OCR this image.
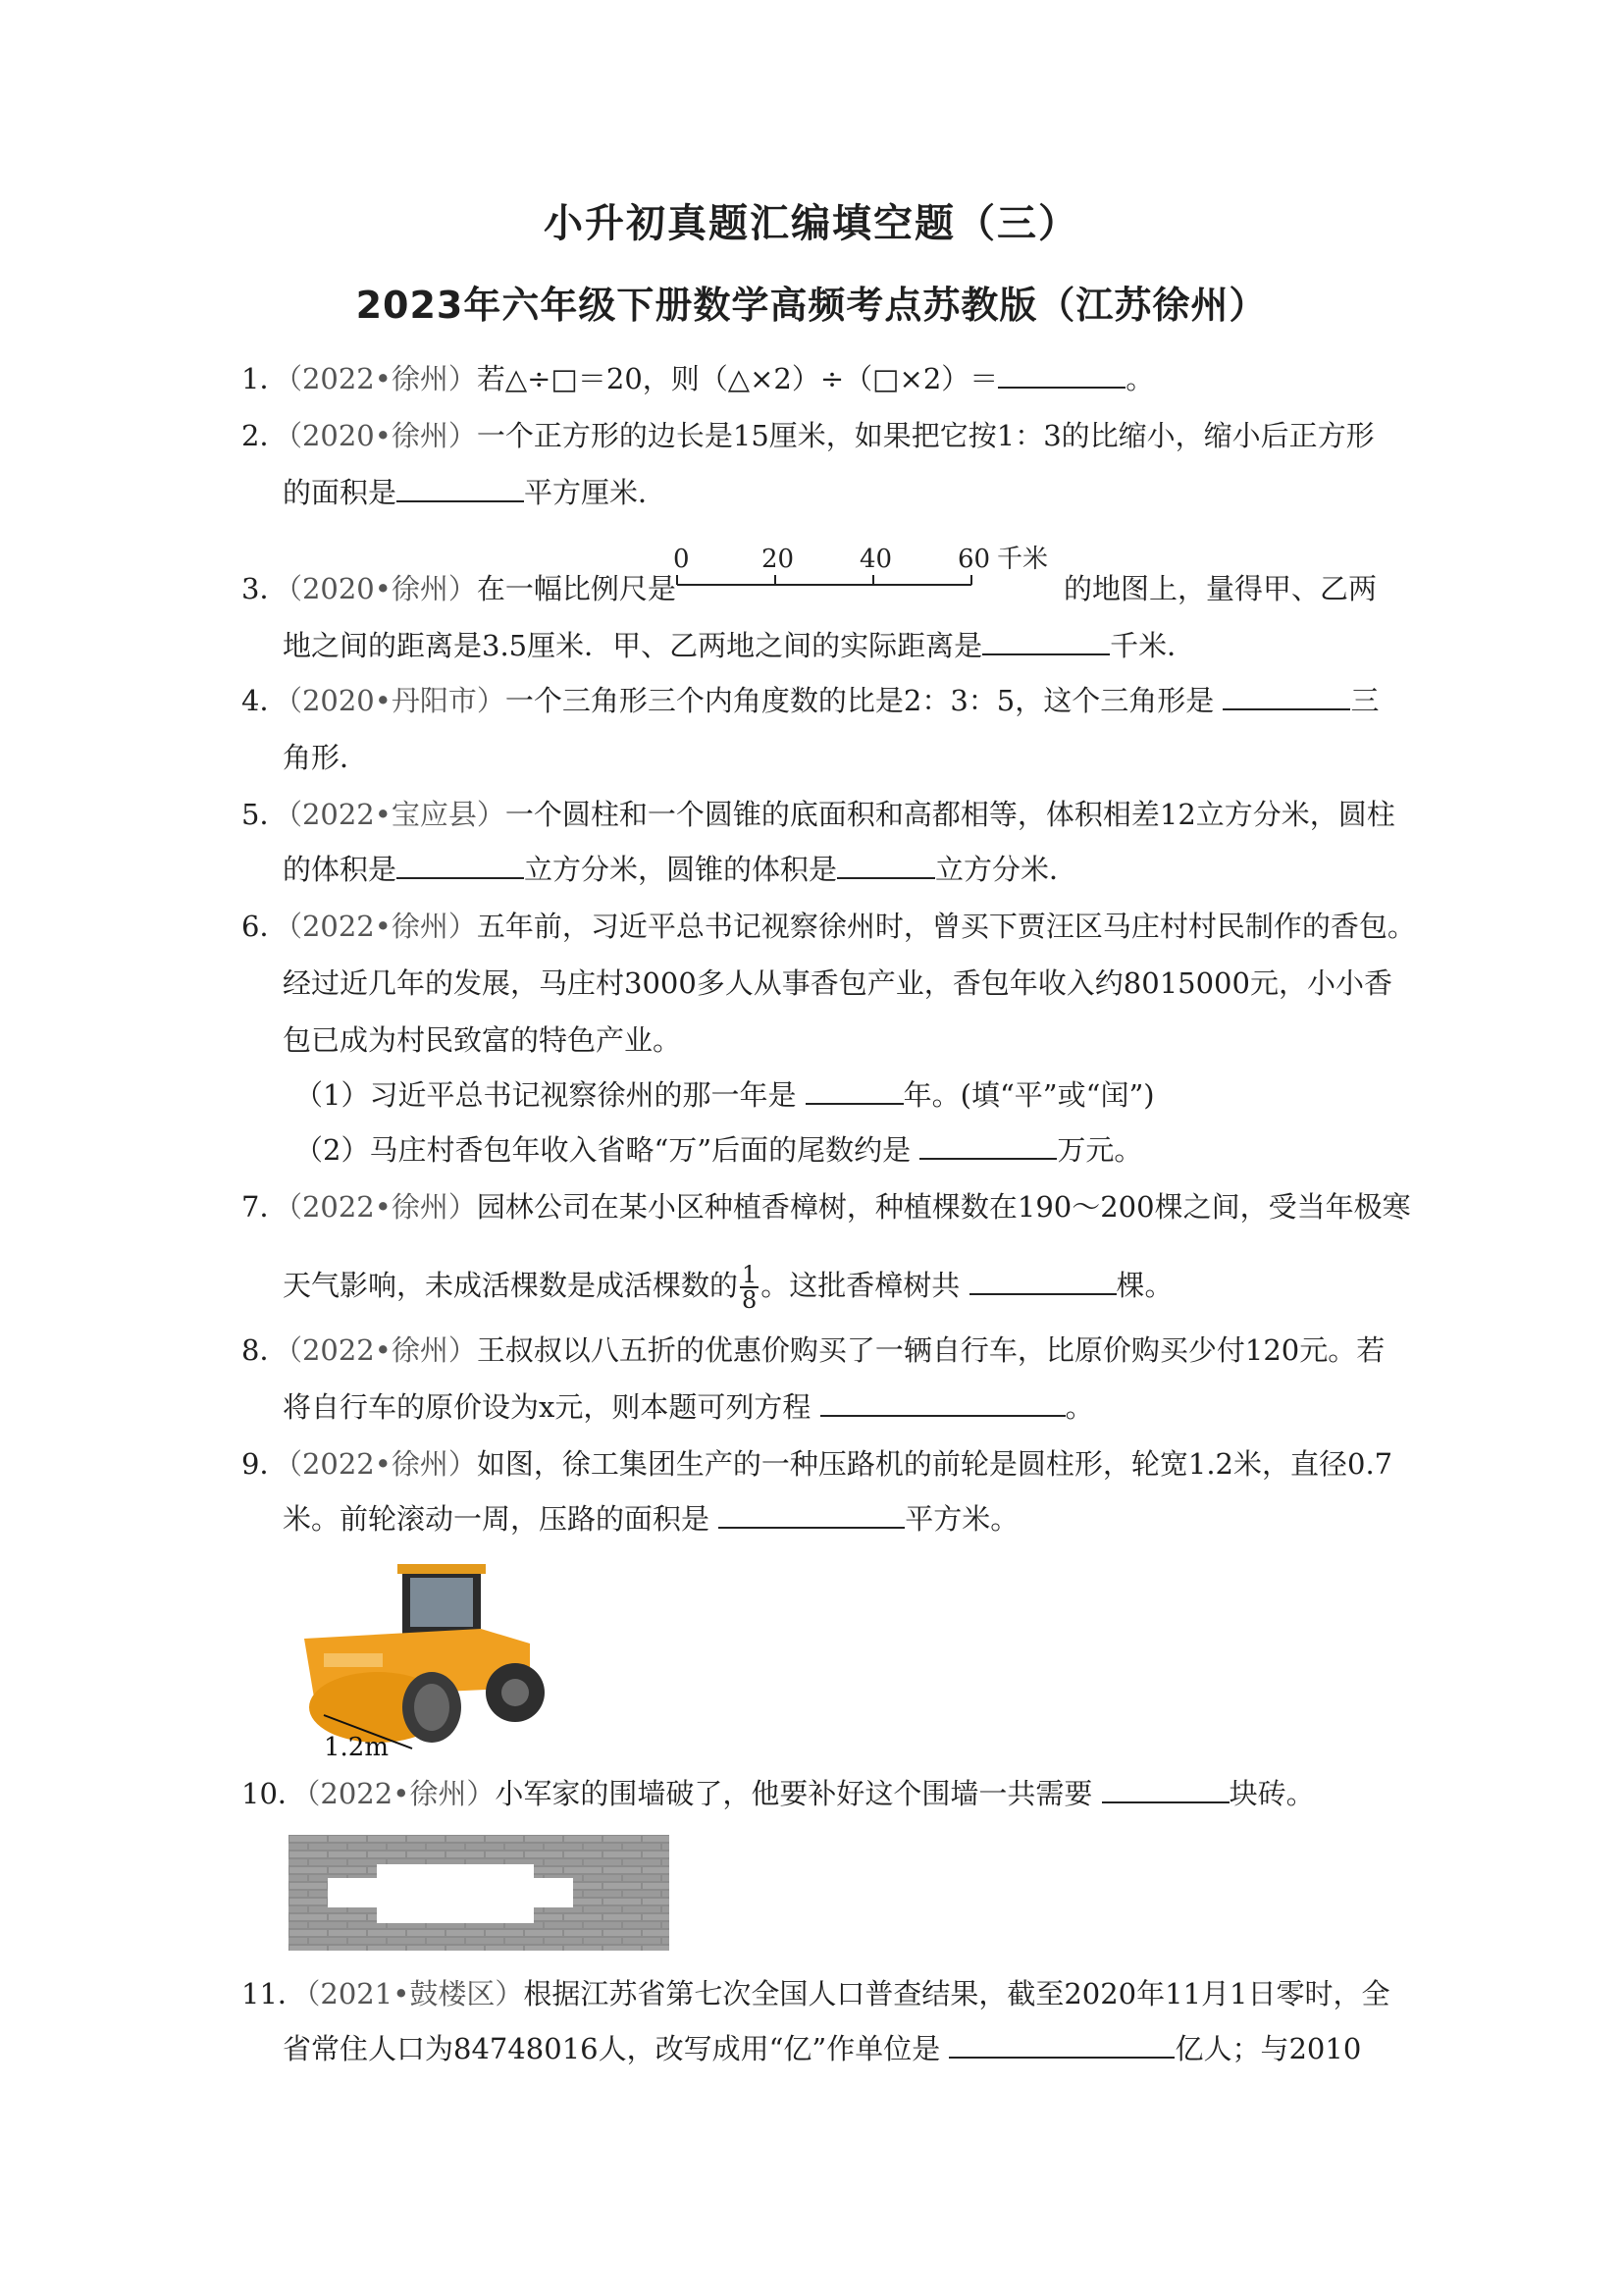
小升初真题汇编填空题（三）
2023年六年级下册数学高频考点苏教版（江苏徐州）
1．（2022•徐州）若△÷□＝20，则（△×2）÷（□×2）＝	。
2．（2020•徐州）一个正方形的边长是15厘米，如果把它按1：3的比缩小，缩小后正方形
的面积是	平方厘米．
3．（2020•徐州）在一幅比例尺是
0	20	40	60 千米
的地图上，量得甲、乙两
地之间的距离是3.5厘米．甲、乙两地之间的实际距离是	千米．
4．（2020•丹阳市）一个三角形三个内角度数的比是2：3：5，这个三角形是	三
角形．
5．（2022•宝应县）一个圆柱和一个圆锥的底面积和高都相等，体积相差12立方分米，圆柱
的体积是	立方分米，圆锥的体积是	立方分米．
6．（2022•徐州）五年前，习近平总书记视察徐州时，曾买下贾汪区马庄村村民制作的香包。
经过近几年的发展，马庄村3000多人从事香包产业，香包年收入约8015000元，小小香
包已成为村民致富的特色产业。
（1）习近平总书记视察徐州的那一年是	年。(填“平”或“闰”)
（2）马庄村香包年收入省略“万”后面的尾数约是	万元。
7．（2022•徐州）园林公司在某小区种植香樟树，种植棵数在190～200棵之间，受当年极寒
天气影响，未成活棵数是成活棵数的 $\frac{1}{8}$ 。这批香樟树共	棵。
8．（2022•徐州）王叔叔以八五折的优惠价购买了一辆自行车，比原价购买少付120元。若
将自行车的原价设为x元，则本题可列方程	。
9．（2022•徐州）如图，徐工集团生产的一种压路机的前轮是圆柱形，轮宽1.2米，直径0.7
米。前轮滚动一周，压路的面积是	平方米。
1.2m
10．（2022•徐州）小军家的围墙破了，他要补好这个围墙一共需要	块砖。
11．（2021•鼓楼区）根据江苏省第七次全国人口普查结果，截至2020年11月1日零时，全
省常住人口为84748016人，改写成用“亿”作单位是	亿人；与2010
